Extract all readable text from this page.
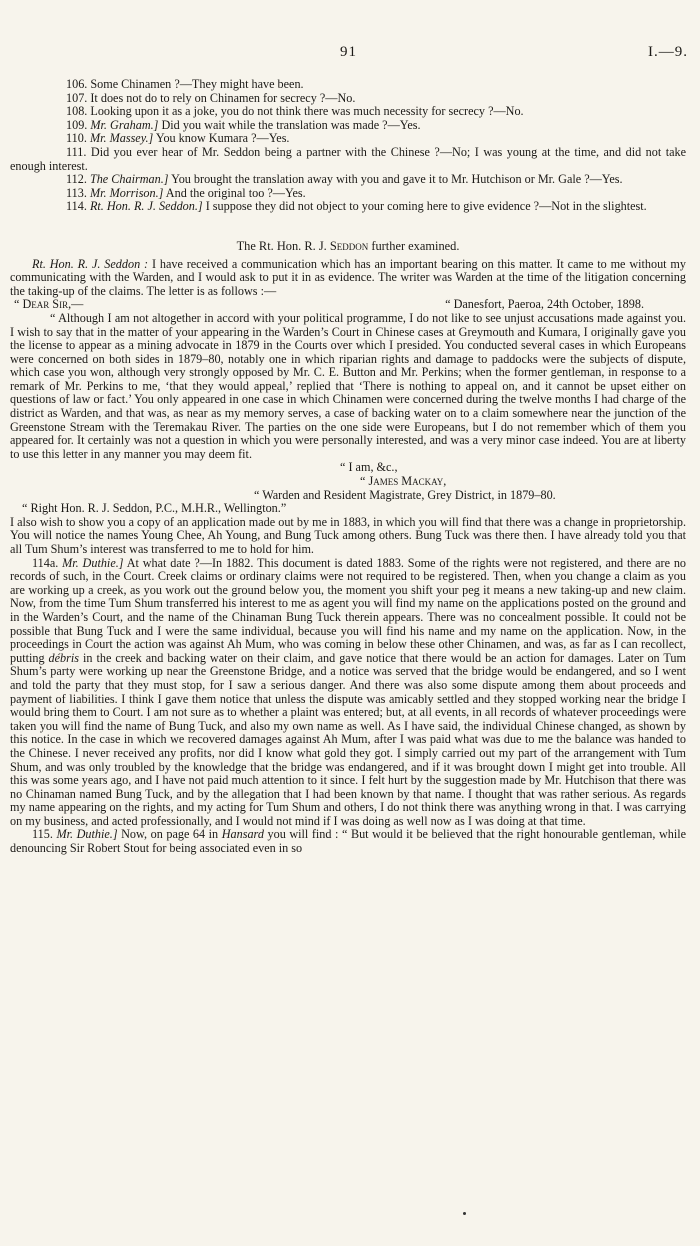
91	I.—9.

106. Some Chinamen ?—They might have been.

107. It does not do to rely on Chinamen for secrecy ?—No.

108. Looking upon it as a joke, you do not think there was much necessity for secrecy ?—No.

109. Mr. Graham.] Did you wait while the translation was made ?—Yes.

110. Mr. Massey.] You know Kumara ?—Yes.

111. Did you ever hear of Mr. Seddon being a partner with the Chinese ?—No; I was young at the time, and did not take enough interest.

112. The Chairman.] You brought the translation away with you and gave it to Mr. Hutchison or Mr. Gale ?—Yes.

113. Mr. Morrison.] And the original too ?—Yes.

114. Rt. Hon. R. J. Seddon.] I suppose they did not object to your coming here to give evidence ?—Not in the slightest.

The Rt. Hon. R. J. Seddon further examined.

Rt. Hon. R. J. Seddon : I have received a communication which has an important bearing on this matter. It came to me without my communicating with the Warden, and I would ask to put it in as evidence. The writer was Warden at the time of the litigation concerning the taking-up of the claims. The letter is as follows :—

“ Dear Sir,—	“ Danesfort, Paeroa, 24th October, 1898.

“ Although I am not altogether in accord with your political programme, I do not like to see unjust accusations made against you. I wish to say that in the matter of your appearing in the Warden’s Court in Chinese cases at Greymouth and Kumara, I originally gave you the license to appear as a mining advocate in 1879 in the Courts over which I presided. You conducted several cases in which Europeans were concerned on both sides in 1879–80, notably one in which riparian rights and damage to paddocks were the subjects of dispute, which case you won, although very strongly opposed by Mr. C. E. Button and Mr. Perkins; when the former gentleman, in response to a remark of Mr. Perkins to me, ‘that they would appeal,’ replied that ‘There is nothing to appeal on, and it cannot be upset either on questions of law or fact.’ You only appeared in one case in which Chinamen were concerned during the twelve months I had charge of the district as Warden, and that was, as near as my memory serves, a case of backing water on to a claim somewhere near the junction of the Greenstone Stream with the Teremakau River. The parties on the one side were Europeans, but I do not remember which of them you appeared for. It certainly was not a question in which you were personally interested, and was a very minor case indeed. You are at liberty to use this letter in any manner you may deem fit.

“ I am, &c.,

“ James Mackay,

“ Warden and Resident Magistrate, Grey District, in 1879–80.

“ Right Hon. R. J. Seddon, P.C., M.H.R., Wellington.”

I also wish to show you a copy of an application made out by me in 1883, in which you will find that there was a change in proprietorship. You will notice the names Young Chee, Ah Young, and Bung Tuck among others. Bung Tuck was there then. I have already told you that all Tum Shum’s interest was transferred to me to hold for him.

114a. Mr. Duthie.] At what date ?—In 1882. This document is dated 1883. Some of the rights were not registered, and there are no records of such, in the Court. Creek claims or ordinary claims were not required to be registered. Then, when you change a claim as you are working up a creek, as you work out the ground below you, the moment you shift your peg it means a new taking-up and new claim. Now, from the time Tum Shum transferred his interest to me as agent you will find my name on the applications posted on the ground and in the Warden’s Court, and the name of the Chinaman Bung Tuck therein appears. There was no concealment possible. It could not be possible that Bung Tuck and I were the same individual, because you will find his name and my name on the application. Now, in the proceedings in Court the action was against Ah Mum, who was coming in below these other Chinamen, and was, as far as I can recollect, putting débris in the creek and backing water on their claim, and gave notice that there would be an action for damages. Later on Tum Shum’s party were working up near the Greenstone Bridge, and a notice was served that the bridge would be endangered, and so I went and told the party that they must stop, for I saw a serious danger. And there was also some dispute among them about proceeds and payment of liabilities. I think I gave them notice that unless the dispute was amicably settled and they stopped working near the bridge I would bring them to Court. I am not sure as to whether a plaint was entered; but, at all events, in all records of whatever proceedings were taken you will find the name of Bung Tuck, and also my own name as well. As I have said, the individual Chinese changed, as shown by this notice. In the case in which we recovered damages against Ah Mum, after I was paid what was due to me the balance was handed to the Chinese. I never received any profits, nor did I know what gold they got. I simply carried out my part of the arrangement with Tum Shum, and was only troubled by the knowledge that the bridge was endangered, and if it was brought down I might get into trouble. All this was some years ago, and I have not paid much attention to it since. I felt hurt by the suggestion made by Mr. Hutchison that there was no Chinaman named Bung Tuck, and by the allegation that I had been known by that name. I thought that was rather serious. As regards my name appearing on the rights, and my acting for Tum Shum and others, I do not think there was anything wrong in that. I was carrying on my business, and acted professionally, and I would not mind if I was doing as well now as I was doing at that time.

115. Mr. Duthie.] Now, on page 64 in Hansard you will find : “ But would it be believed that the right honourable gentleman, while denouncing Sir Robert Stout for being associated even in so
